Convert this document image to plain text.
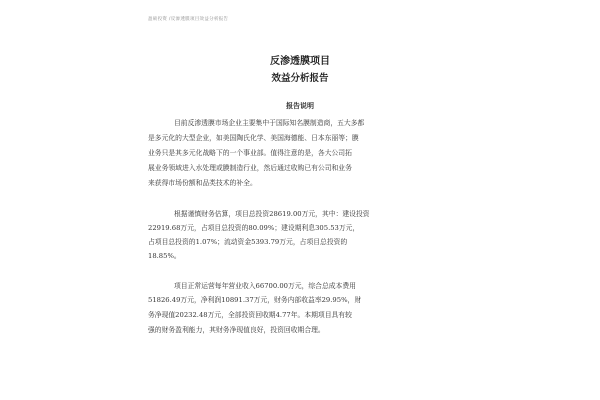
盈硕投资 /反渗透膜项目效益分析报告
反渗透膜项目
效益分析报告
报告说明
目前反渗透膜市场企业主要集中于国际知名膜制造商，五大多都
是多元化的大型企业，如美国陶氏化学、美国海德能、日本东丽等；膜
业务只是其多元化战略下的一个事业部。值得注意的是，各大公司拓
展业务领域进入水处理或膜制造行业，然后通过收购已有公司和业务
来获得市场份额和品类技术的补全。
根据谨慎财务估算，项目总投资28619.00万元，其中：建设投资
22919.68万元，占项目总投资的80.09%；建设期利息305.53万元，
占项目总投资的1.07%；流动资金5393.79万元，占项目总投资的
18.85%。
项目正常运营每年营业收入66700.00万元，综合总成本费用
51826.49万元，净利润10891.37万元，财务内部收益率29.95%，财
务净现值20232.48万元，全部投资回收期4.77年。本期项目具有较
强的财务盈利能力，其财务净现值良好，投资回收期合理。
